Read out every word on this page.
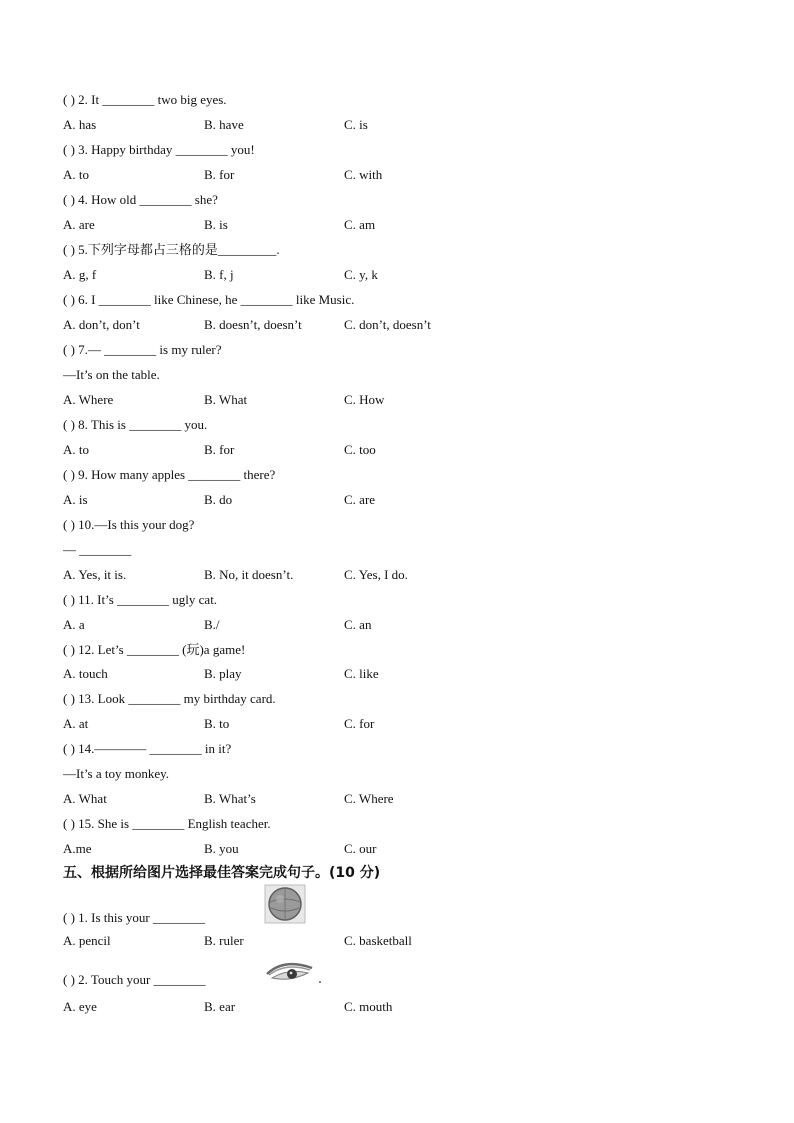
( ) 2. It ________ two big eyes.
A. has	B. have	C. is
( ) 3. Happy birthday ________ you!
A. to	B. for	C. with
( ) 4. How old ________ she?
A. are	B. is	C. am
( ) 5.下列字母都占三格的是_________.
A. g, f	B. f, j	C. y, k
( ) 6. I ________ like Chinese, he ________ like Music.
A. don’t, don’t	B. doesn’t, doesn’t	C. don’t, doesn’t
( ) 7.— ________ is my ruler?
—It’s on the table.
A. Where	B. What	C. How
( ) 8. This is ________ you.
A. to	B. for	C. too
( ) 9. How many apples ________ there?
A. is	B. do	C. are
( ) 10.—Is this your dog?
— ________
A. Yes, it is.	B. No, it doesn’t.	C. Yes, I do.
( ) 11. It’s ________ ugly cat.
A. a	B./	C. an
( ) 12. Let’s ________ (玩)a game!
A. touch	B. play	C. like
( ) 13. Look ________ my birthday card.
A. at	B. to	C. for
( ) 14.———— ________ in it?
—It’s a toy monkey.
A. What	B. What’s	C. Where
( ) 15. She is ________ English teacher.
A.me	B. you	C. our
五、根据所给图片选择最佳答案完成句子。(10 分)
( ) 1. Is this your ________
A. pencil	B. ruler	C. basketball
( ) 2. Touch your ________
A. eye	B. ear	C. mouth
